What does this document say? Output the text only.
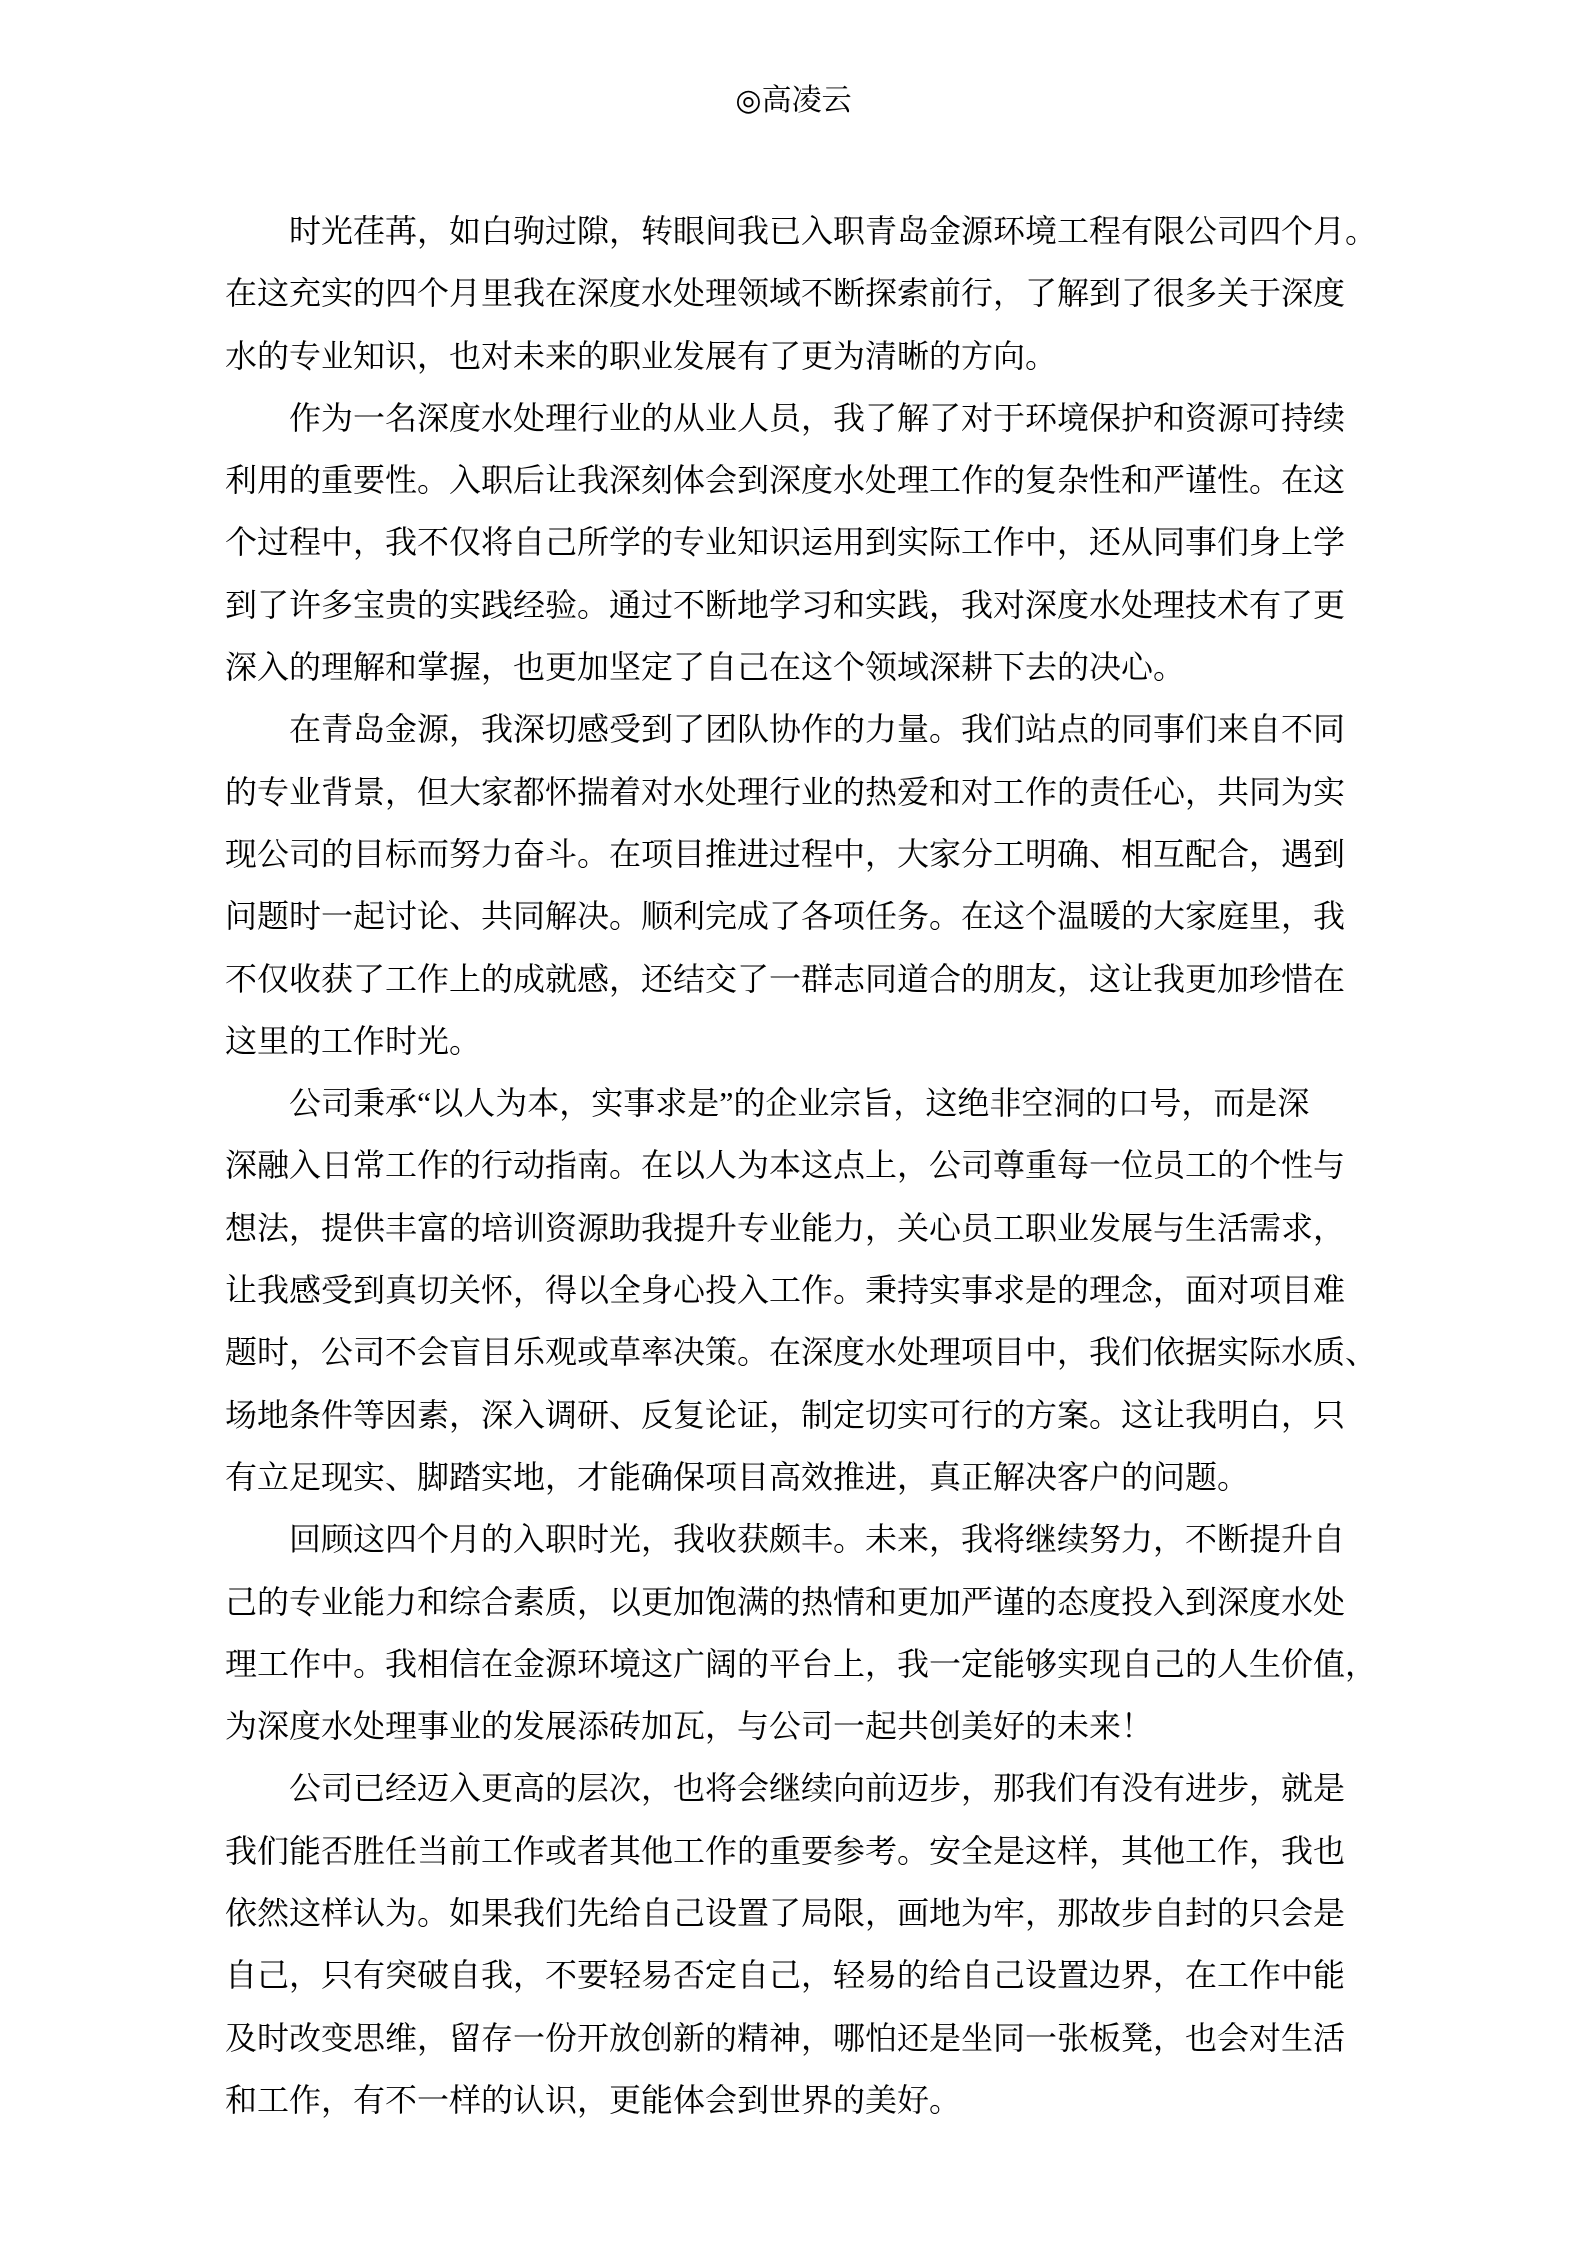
◎高凌云
时光荏苒，如白驹过隙，转眼间我已入职青岛金源环境工程有限公司四个月。
在这充实的四个月里我在深度水处理领域不断探索前行，了解到了很多关于深度
水的专业知识，也对未来的职业发展有了更为清晰的方向。
作为一名深度水处理行业的从业人员，我了解了对于环境保护和资源可持续
利用的重要性。入职后让我深刻体会到深度水处理工作的复杂性和严谨性。在这
个过程中，我不仅将自己所学的专业知识运用到实际工作中，还从同事们身上学
到了许多宝贵的实践经验。通过不断地学习和实践，我对深度水处理技术有了更
深入的理解和掌握，也更加坚定了自己在这个领域深耕下去的决心。
在青岛金源，我深切感受到了团队协作的力量。我们站点的同事们来自不同
的专业背景，但大家都怀揣着对水处理行业的热爱和对工作的责任心，共同为实
现公司的目标而努力奋斗。在项目推进过程中，大家分工明确、相互配合，遇到
问题时一起讨论、共同解决。顺利完成了各项任务。在这个温暖的大家庭里，我
不仅收获了工作上的成就感，还结交了一群志同道合的朋友，这让我更加珍惜在
这里的工作时光。
公司秉承“以人为本，实事求是”的企业宗旨，这绝非空洞的口号，而是深
深融入日常工作的行动指南。在以人为本这点上，公司尊重每一位员工的个性与
想法，提供丰富的培训资源助我提升专业能力，关心员工职业发展与生活需求，
让我感受到真切关怀，得以全身心投入工作。秉持实事求是的理念，面对项目难
题时，公司不会盲目乐观或草率决策。在深度水处理项目中，我们依据实际水质、
场地条件等因素，深入调研、反复论证，制定切实可行的方案。这让我明白，只
有立足现实、脚踏实地，才能确保项目高效推进，真正解决客户的问题。
回顾这四个月的入职时光，我收获颇丰。未来，我将继续努力，不断提升自
己的专业能力和综合素质，以更加饱满的热情和更加严谨的态度投入到深度水处
理工作中。我相信在金源环境这广阔的平台上，我一定能够实现自己的人生价值，
为深度水处理事业的发展添砖加瓦，与公司一起共创美好的未来！
公司已经迈入更高的层次，也将会继续向前迈步，那我们有没有进步，就是
我们能否胜任当前工作或者其他工作的重要参考。安全是这样，其他工作，我也
依然这样认为。如果我们先给自己设置了局限，画地为牢，那故步自封的只会是
自己，只有突破自我，不要轻易否定自己，轻易的给自己设置边界，在工作中能
及时改变思维，留存一份开放创新的精神，哪怕还是坐同一张板凳，也会对生活
和工作，有不一样的认识，更能体会到世界的美好。
